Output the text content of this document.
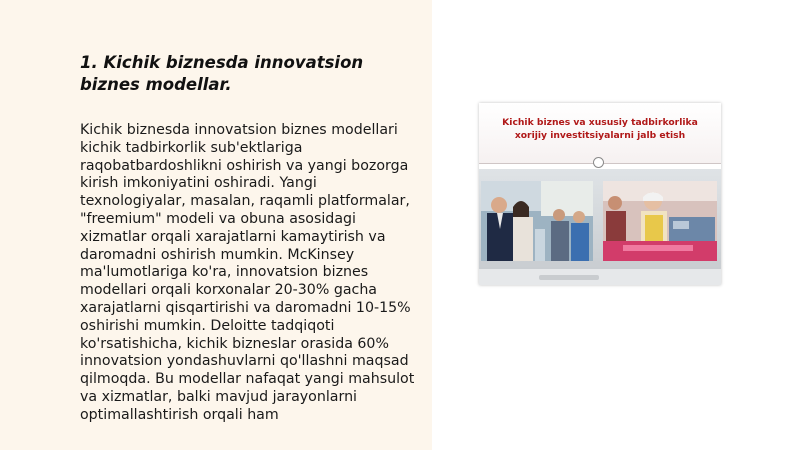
1. Kichik biznesda innovatsion biznes modellar.

Kichik biznesda innovatsion biznes modellari kichik tadbirkorlik sub'ektlariga raqobatbardoshlikni oshirish va yangi bozorga kirish imkoniyatini oshiradi. Yangi texnologiyalar, masalan, raqamli platformalar, "freemium" modeli va obuna asosidagi xizmatlar orqali xarajatlarni kamaytirish va daromadni oshirish mumkin. McKinsey ma'lumotlariga ko'ra, innovatsion biznes modellari orqali korxonalar 20-30% gacha xarajatlarni qisqartirishi va daromadni 10-15% oshirishi mumkin. Deloitte tadqiqoti ko'rsatishicha, kichik bizneslar orasida 60% innovatsion yondashuvlarni qo'llashni maqsad qilmoqda. Bu modellar nafaqat yangi mahsulot va xizmatlar, balki mavjud jarayonlarni optimallashtirish orqali ham

Kichik biznes va xususiy tadbirkorlikа xorijiy investitsiyalarni jalb etish
